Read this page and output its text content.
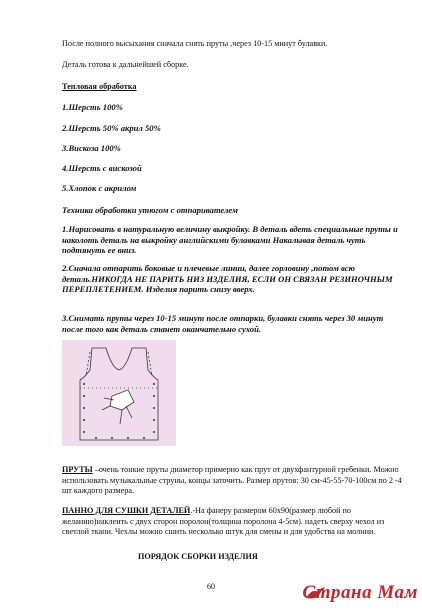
После полного высыхания сначала снять пруты ,через 10-15 минут булавки.
Деталь готова к дальнейшей сборке.
Тепловая обработка
1.Шерсть 100%
2.Шерсть 50% акрил 50%
3.Вискоза 100%
4.Шерсть с вискозой
5.Хлопок с акрилом
Техника обработки утюгом с отпаривателем
1.Нарисовать в натуральную величину выкройку. В деталь вдеть специальные пруты и наколоть деталь на выкройку английскими булавками Накалывая деталь чуть подтянуть ее вниз.
2.Сначала отпарить боковые и плечевые линии, далее горловину ,потом всю деталь.НИКОГДА НЕ ПАРИТЬ НИЗ ИЗДЕЛИЯ, ЕСЛИ ОН СВЯЗАН РЕЗИНОЧНЫМ ПЕРЕПЛЕТЕНИЕМ. Изделия парить снизу вверх.
3.Снимать пруты через 10-15 минут после отпарки, булавки снять через 30 минут после того как деталь станет оканчательно сухой.
ПРУТЫ –очень тонкие пруты диаметор примерно как прут от двухфантурной гребенки. Можно использовать музыкальные струны, концы заточить. Размер прутов: 30 см-45-55-70-100см по 2 -4 шт каждого размера.
ПАННО ДЛЯ СУШКИ ДЕТАЛЕЙ.-На фанеру размером 60х90(размер любой по желанию)наклеить с двух сторон поролон(толщина поролона 4-5см). надеть сверху чехол из светлой ткани. Чехлы можно сшить несколько штук для смены и для удобства на молнии.
ПОРЯДОК СБОРКИ ИЗДЕЛИЯ
60	Страна Мам
